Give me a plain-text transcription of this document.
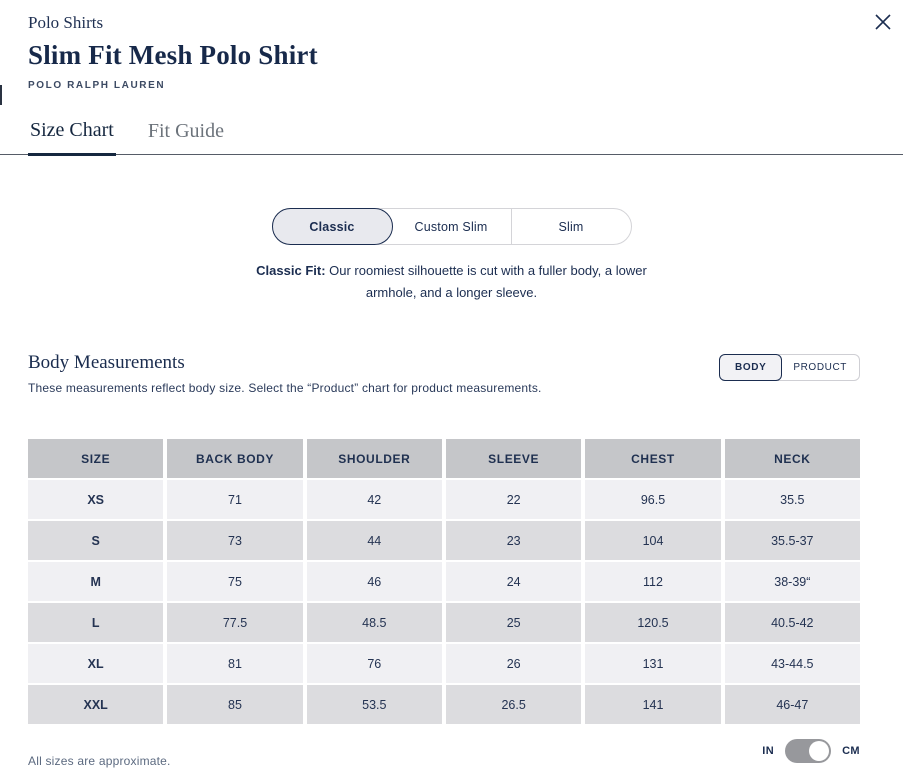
Polo Shirts
Slim Fit Mesh Polo Shirt
POLO RALPH LAUREN
Size Chart Fit Guide
Classic	Custom Slim	Slim

Classic Fit: Our roomiest silhouette is cut with a fuller body, a lower armhole, and a longer sleeve.

Body Measurements
These measurements reflect body size. Select the “Product” chart for product measurements.
BODY	PRODUCT
SIZE	BACK BODY	SHOULDER	SLEEVE	CHEST	NECK
XS	71	42	22	96.5	35.5
S	73	44	23	104	35.5-37
M	75	46	24	112	38-39“
L	77.5	48.5	25	120.5	40.5-42
XL	81	76	26	131	43-44.5
XXL	85	53.5	26.5	141	46-47
IN	CM
All sizes are approximate.
